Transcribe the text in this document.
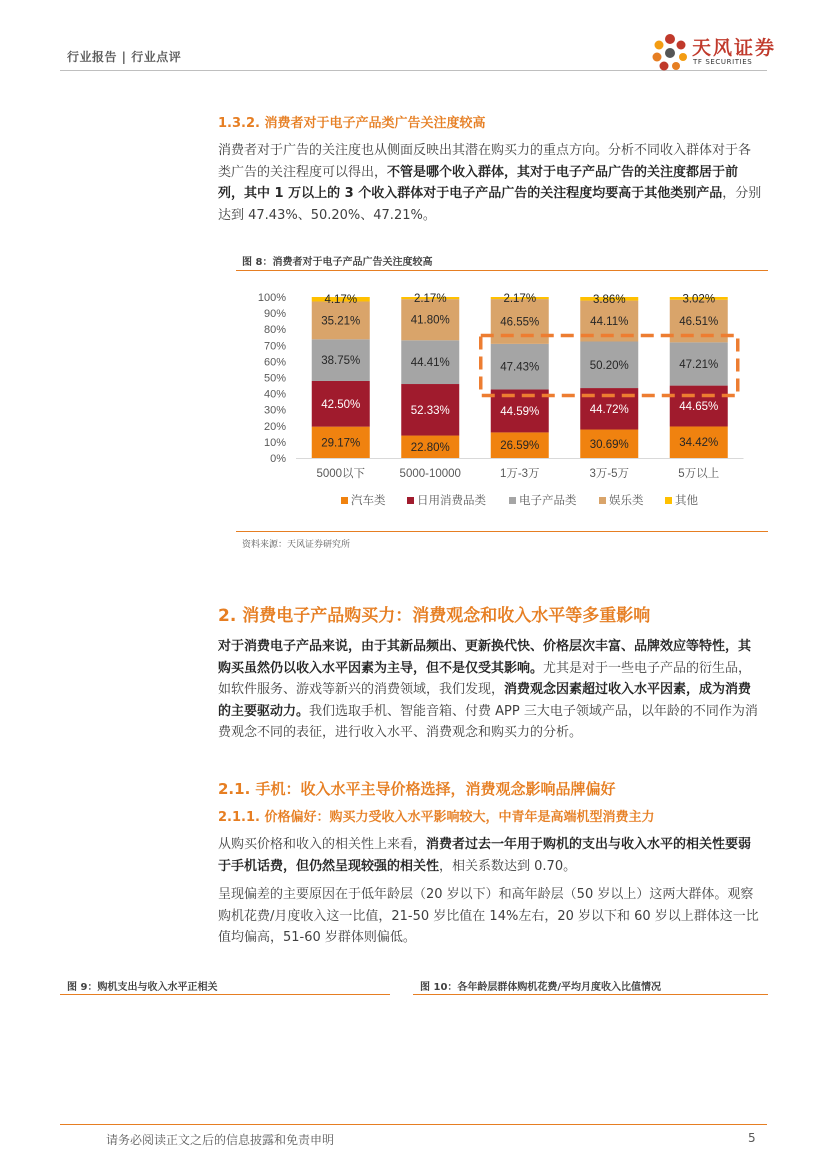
行业报告 | 行业点评	天风证券
TF SECURITIES
1.3.2. 消费者对于电子产品类广告关注度较高
消费者对于广告的关注度也从侧面反映出其潜在购买力的重点方向。分析不同收入群体对于各类广告的关注程度可以得出，不管是哪个收入群体，其对于电子产品广告的关注度都居于前列，其中 1 万以上的 3 个收入群体对于电子产品广告的关注程度均要高于其他类别产品，分别达到 47.43%、50.20%、47.21%。
图 8：消费者对于电子产品广告关注度较高
0%
10%
20%
30%
40%
50%
60%
70%
80%
90%
100%
29.17%
42.50%
38.75%
35.21%
4.17%
22.80%
52.33%
44.41%
41.80%
2.17%
26.59%
44.59%
47.43%
46.55%
2.17%
30.69%
44.72%
50.20%
44.11%
3.86%
34.42%
44.65%
47.21%
46.51%
3.02%
5000以下	5000-10000	1万-3万	3万-5万	5万以上
汽车类	日用消费品类	电子产品类	娱乐类	其他
资料来源：天风证券研究所
2. 消费电子产品购买力：消费观念和收入水平等多重影响
对于消费电子产品来说，由于其新品频出、更新换代快、价格层次丰富、品牌效应等特性，其购买虽然仍以收入水平因素为主导，但不是仅受其影响。尤其是对于一些电子产品的衍生品，如软件服务、游戏等新兴的消费领域，我们发现，消费观念因素超过收入水平因素，成为消费的主要驱动力。我们选取手机、智能音箱、付费 APP 三大电子领域产品，以年龄的不同作为消费观念不同的表征，进行收入水平、消费观念和购买力的分析。
2.1. 手机：收入水平主导价格选择，消费观念影响品牌偏好
2.1.1. 价格偏好：购买力受收入水平影响较大，中青年是高端机型消费主力
从购买价格和收入的相关性上来看，消费者过去一年用于购机的支出与收入水平的相关性要弱于手机话费，但仍然呈现较强的相关性，相关系数达到 0.70。
呈现偏差的主要原因在于低年龄层（20 岁以下）和高年龄层（50 岁以上）这两大群体。观察购机花费/月度收入这一比值，21-50 岁比值在 14%左右，20 岁以下和 60 岁以上群体这一比值均偏高，51-60 岁群体则偏低。
图 9：购机支出与收入水平正相关	图 10：各年龄层群体购机花费/平均月度收入比值情况
请务必阅读正文之后的信息披露和免责申明	5
